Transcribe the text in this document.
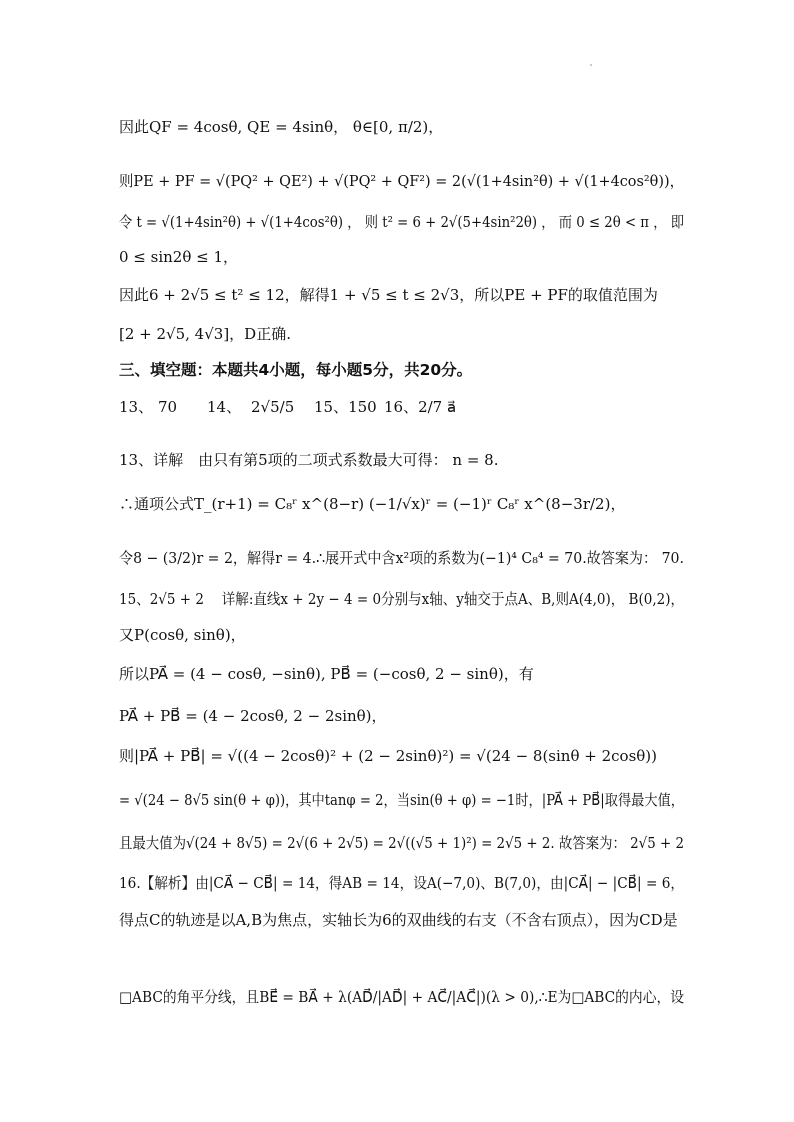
因此QF = 4cosθ, QE = 4sinθ， θ∈[0, π/2)，
则PE + PF = √(PQ² + QE²) + √(PQ² + QF²) = 2(√(1+4sin²θ) + √(1+4cos²θ))，
令 t = √(1+4sin²θ) + √(1+4cos²θ) ， 则 t² = 6 + 2√(5+4sin²2θ) ， 而 0 ≤ 2θ < π ， 即
0 ≤ sin2θ ≤ 1，
因此6 + 2√5 ≤ t² ≤ 12，解得1 + √5 ≤ t ≤ 2√3，所以PE + PF的取值范围为
[2 + 2√5, 4√3]，D正确.
三、填空题：本题共4小题，每小题5分，共20分。
13、 70 14、 2√5/5 15、150 16、2/7 a⃗
13、详解　由只有第5项的二项式系数最大可得： n = 8.
∴通项公式T_(r+1) = C₈ʳ x^(8−r) (−1/√x)ʳ = (−1)ʳ C₈ʳ x^(8−3r/2)，
令8 − (3/2)r = 2，解得r = 4.∴展开式中含x²项的系数为(−1)⁴ C₈⁴ = 70.故答案为： 70.
15、2√5 + 2　 详解:直线x + 2y − 4 = 0分别与x轴、y轴交于点A、B,则A(4,0)， B(0,2)，
又P(cosθ, sinθ)，
所以PA⃗ = (4 − cosθ, −sinθ), PB⃗ = (−cosθ, 2 − sinθ)，有
PA⃗ + PB⃗ = (4 − 2cosθ, 2 − 2sinθ)，
则|PA⃗ + PB⃗| = √((4 − 2cosθ)² + (2 − 2sinθ)²) = √(24 − 8(sinθ + 2cosθ))
= √(24 − 8√5 sin(θ + φ))，其中tanφ = 2，当sin(θ + φ) = −1时，|PA⃗ + PB⃗|取得最大值，
且最大值为√(24 + 8√5) = 2√(6 + 2√5) = 2√((√5 + 1)²) = 2√5 + 2. 故答案为： 2√5 + 2
16.【解析】由|CA⃗ − CB⃗| = 14，得AB = 14，设A(−7,0)、B(7,0)，由|CA⃗| − |CB⃗| = 6，
得点C的轨迹是以A,B为焦点，实轴长为6的双曲线的右支（不含右顶点），因为CD是
□ABC的角平分线，且BE⃗ = BA⃗ + λ(AD⃗/|AD⃗| + AC⃗/|AC⃗|)(λ > 0),∴E为□ABC的内心，设
